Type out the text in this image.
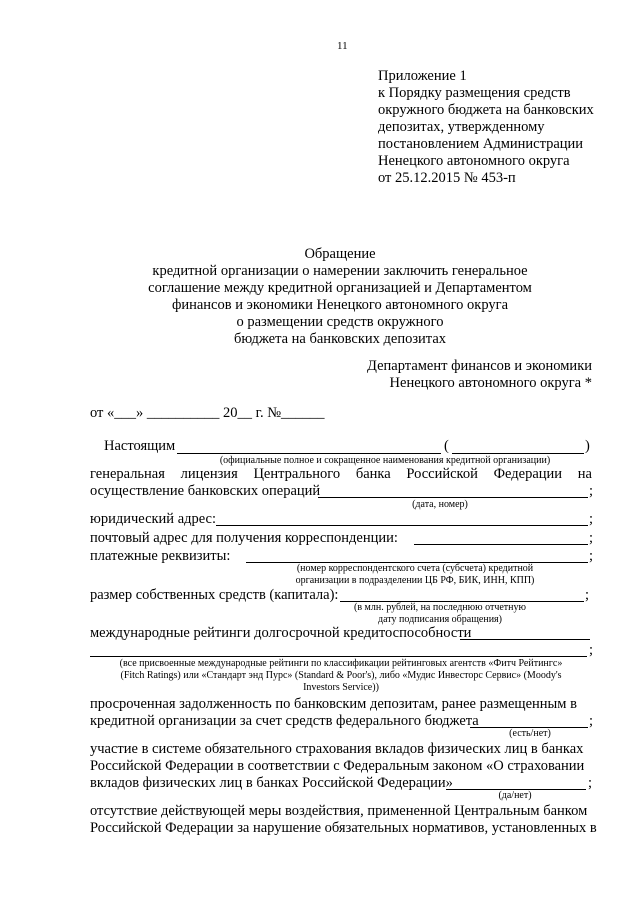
11
Приложение 1
к Порядку размещения средств
окружного бюджета на банковских
депозитах, утвержденному
постановлением Администрации
Ненецкого автономного округа
от 25.12.2015 № 453-п
Обращение
кредитной организации о намерении заключить генеральное
соглашение между кредитной организацией и Департаментом
финансов и экономики Ненецкого автономного округа
о размещении средств окружного
бюджета на банковских депозитах
Департамент финансов и экономики
Ненецкого автономного округа *
от «___» __________ 20__ г. №______
Настоящим	(	)
(официальные полное и сокращенное наименования кредитной организации)
генеральная лицензия Центрального банка Российской Федерации на
осуществление банковских операций	;
(дата, номер)
юридический адрес:	;
почтовый адрес для получения корреспонденции:	;
платежные реквизиты:	;
(номер корреспондентского счета (субсчета) кредитной
организации в подразделении ЦБ РФ, БИК, ИНН, КПП)
размер собственных средств (капитала):	;
(в млн. рублей, на последнюю отчетную
дату подписания обращения)
международные рейтинги долгосрочной кредитоспособности
;
(все присвоенные международные рейтинги по классификации рейтинговых агентств «Фитч Рейтингс»
(Fitch Ratings) или «Стандарт энд Пурс» (Standard & Poor's), либо «Мудис Инвесторс Сервис» (Moody's
Investors Service))
просроченная задолженность по банковским депозитам, ранее размещенным в
кредитной организации за счет средств федерального бюджета	;
(есть/нет)
участие в системе обязательного страхования вкладов физических лиц в банках
Российской Федерации в соответствии с Федеральным законом «О страховании
вкладов физических лиц в банках Российской Федерации»	;
(да/нет)
отсутствие действующей меры воздействия, примененной Центральным банком
Российской Федерации за нарушение обязательных нормативов, установленных в
